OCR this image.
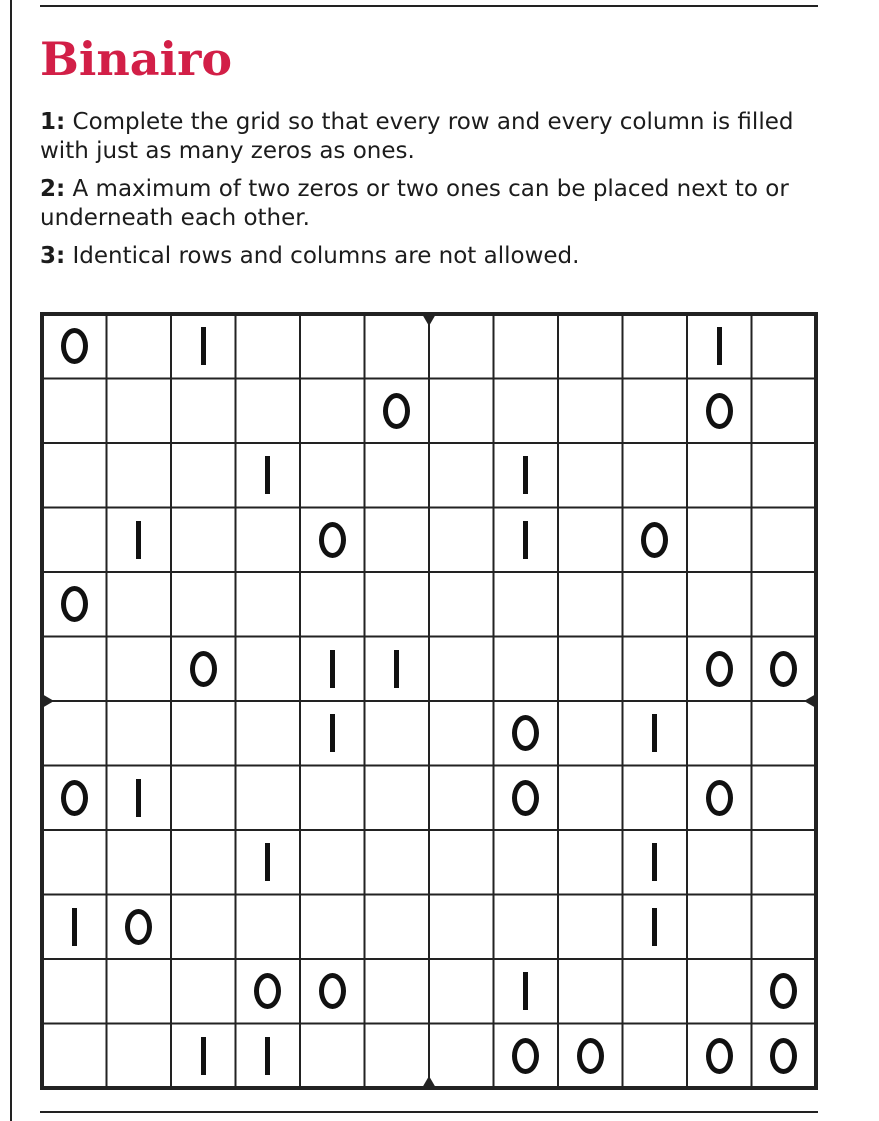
Binairo

1: Complete the grid so that every row and every column is filled with just as many zeros as ones.

2: A maximum of two zeros or two ones can be placed next to or underneath each other.

3: Identical rows and columns are not allowed.
